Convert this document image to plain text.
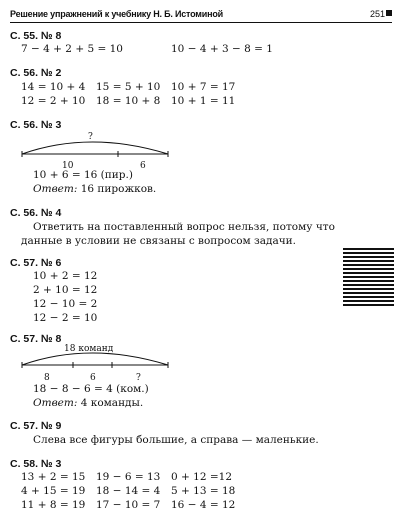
Решение упражнений к учебнику Н. Б. Истоминой	251
С. 55. № 8
7 − 4 + 2 + 5 = 10	10 − 4 + 3 − 8 = 1
С. 56. № 2
14 = 10 + 4 15 = 5 + 10 10 + 7 = 17
12 = 2 + 10 18 = 10 + 8 10 + 1 = 11
С. 56. № 3
?
10	6
10 + 6 = 16 (пир.)
Ответ: 16 пирожков.
С. 56. № 4
Ответить на поставленный вопрос нельзя, потому что
данные в условии не связаны с вопросом задачи.
С. 57. № 6
10 + 2 = 12
2 + 10 = 12
12 − 10 = 2
12 − 2 = 10
С. 57. № 8
18 команд
8	6	?
18 − 8 − 6 = 4 (ком.)
Ответ: 4 команды.
С. 57. № 9
Слева все фигуры большие, а справа — маленькие.
С. 58. № 3
13 + 2 = 15 19 − 6 = 13 0 + 12 =12
4 + 15 = 19 18 − 14 = 4 5 + 13 = 18
11 + 8 = 19 17 − 10 = 7 16 − 4 = 12
